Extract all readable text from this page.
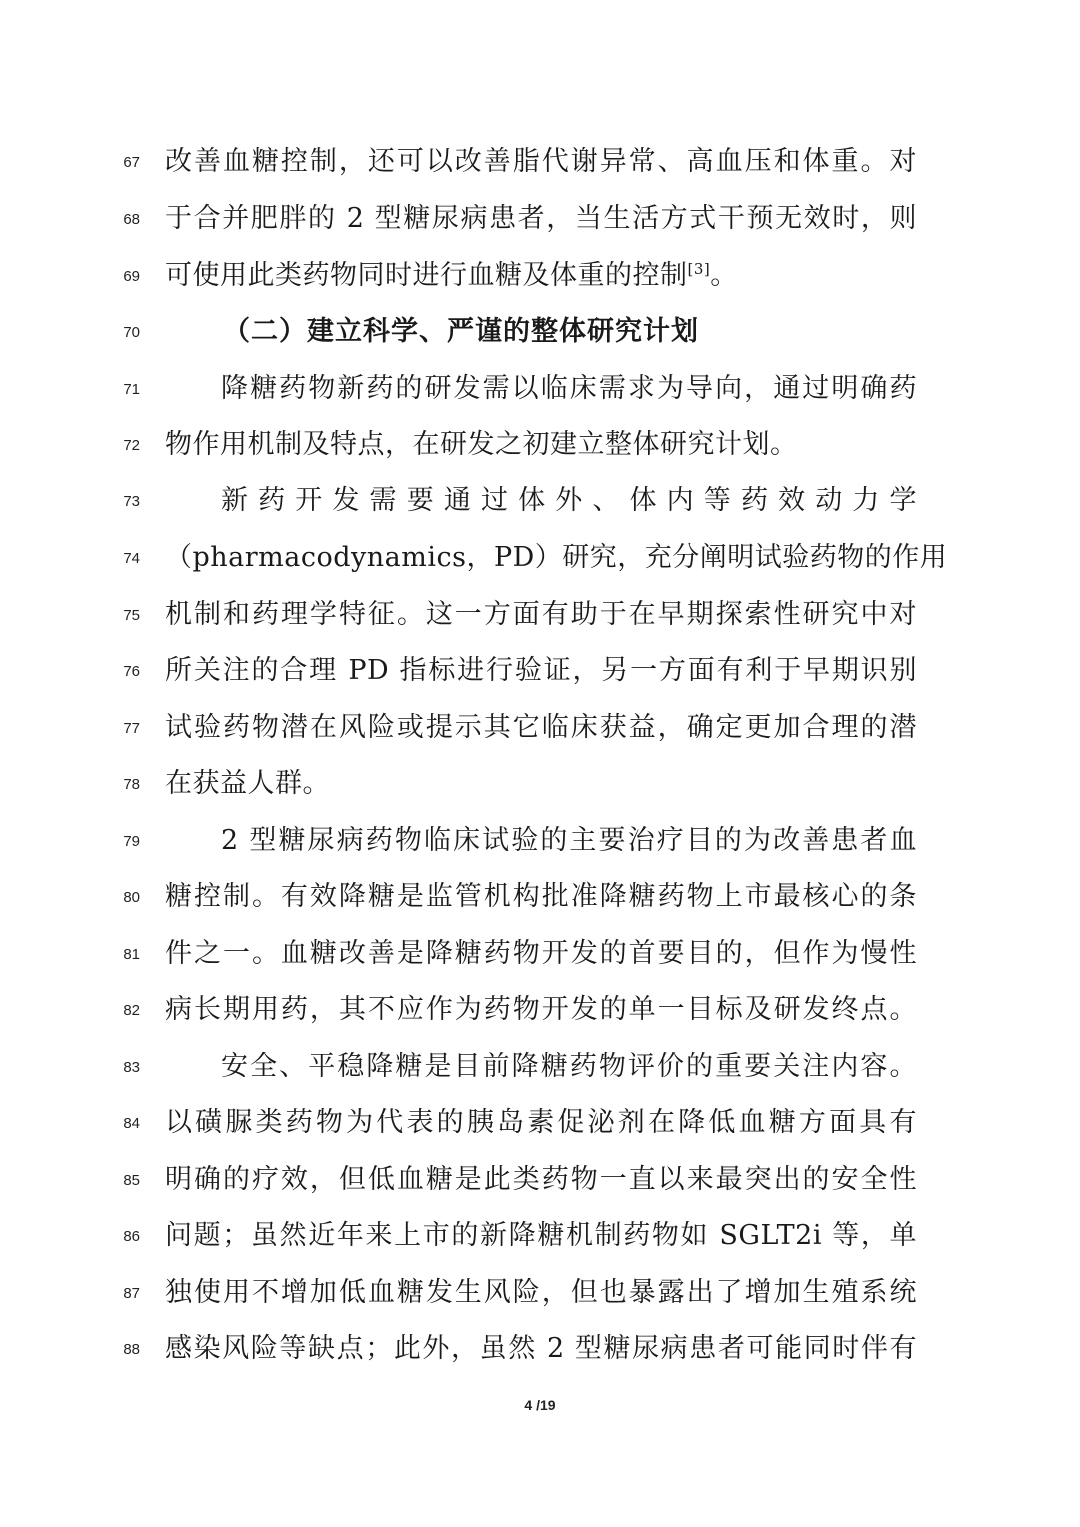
67 改善血糖控制，还可以改善脂代谢异常、高血压和体重。对
68 于合并肥胖的 2 型糖尿病患者，当生活方式干预无效时，则
69 可使用此类药物同时进行血糖及体重的控制[3]。
70	（二）建立科学、严谨的整体研究计划
71	降糖药物新药的研发需以临床需求为导向，通过明确药
72 物作用机制及特点，在研发之初建立整体研究计划。
73	新药开发需要通过体外、体内等药效动力学
74 （pharmacodynamics，PD）研究，充分阐明试验药物的作用
75 机制和药理学特征。这一方面有助于在早期探索性研究中对
76 所关注的合理 PD 指标进行验证，另一方面有利于早期识别
77 试验药物潜在风险或提示其它临床获益，确定更加合理的潜
78 在获益人群。
79	2 型糖尿病药物临床试验的主要治疗目的为改善患者血
80 糖控制。有效降糖是监管机构批准降糖药物上市最核心的条
81 件之一。血糖改善是降糖药物开发的首要目的，但作为慢性
82 病长期用药，其不应作为药物开发的单一目标及研发终点。
83	安全、平稳降糖是目前降糖药物评价的重要关注内容。
84 以磺脲类药物为代表的胰岛素促泌剂在降低血糖方面具有
85 明确的疗效，但低血糖是此类药物一直以来最突出的安全性
86 问题；虽然近年来上市的新降糖机制药物如 SGLT2i 等，单
87 独使用不增加低血糖发生风险，但也暴露出了增加生殖系统
88 感染风险等缺点；此外，虽然 2 型糖尿病患者可能同时伴有
4 /19
